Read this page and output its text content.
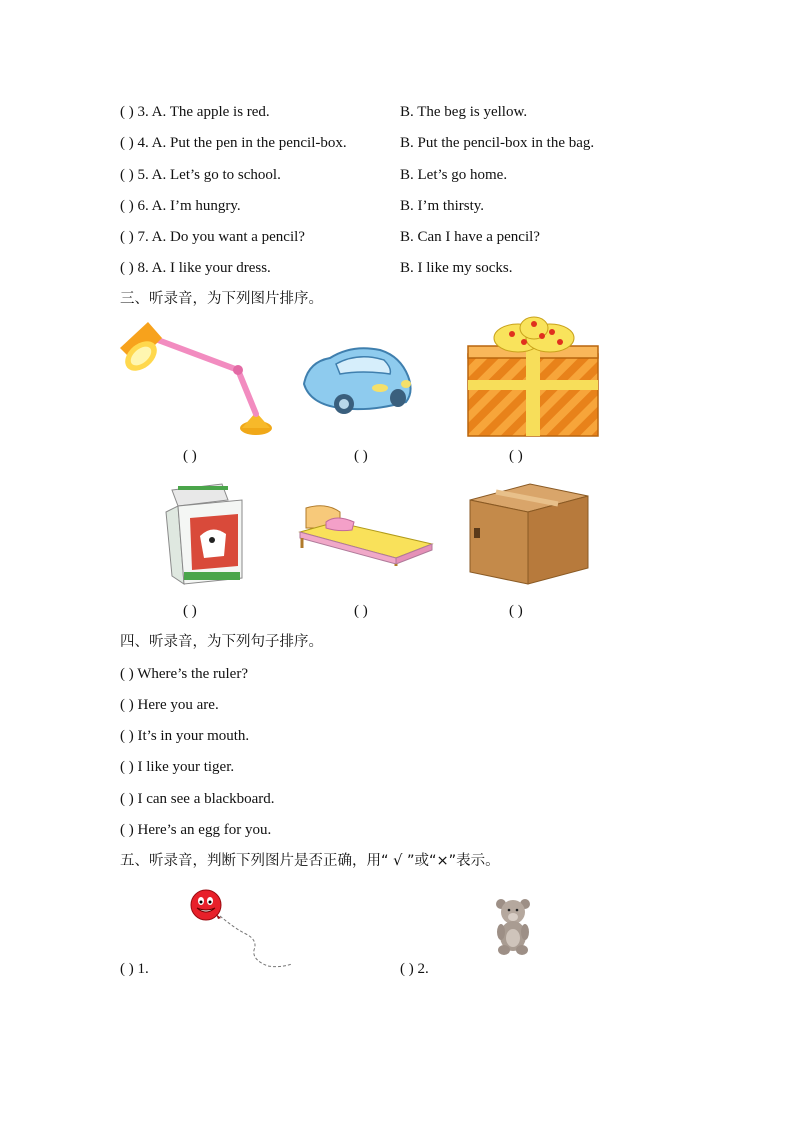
( ) 3. A. The apple is red.	B. The beg is yellow.
( ) 4. A. Put the pen in the pencil-box.	B. Put the pencil-box in the bag.
( ) 5. A. Let’s go to school.	B. Let’s go home.
( ) 6. A. I’m hungry.	B. I’m thirsty.
( ) 7. A. Do you want a pencil?	B. Can I have a pencil?
( ) 8. A. I like your dress.	B. I like my socks.
三、听录音，为下列图片排序。
( )	( )	( )
( )	( )	( )
四、听录音，为下列句子排序。
( ) Where’s the ruler?
( ) Here you are.
( ) It’s in your mouth.
( ) I like your tiger.
( ) I can see a blackboard.
( ) Here’s an egg for you.
五、听录音，判断下列图片是否正确，用“ √ ”或“×”表示。
( ) 1.	( ) 2.
